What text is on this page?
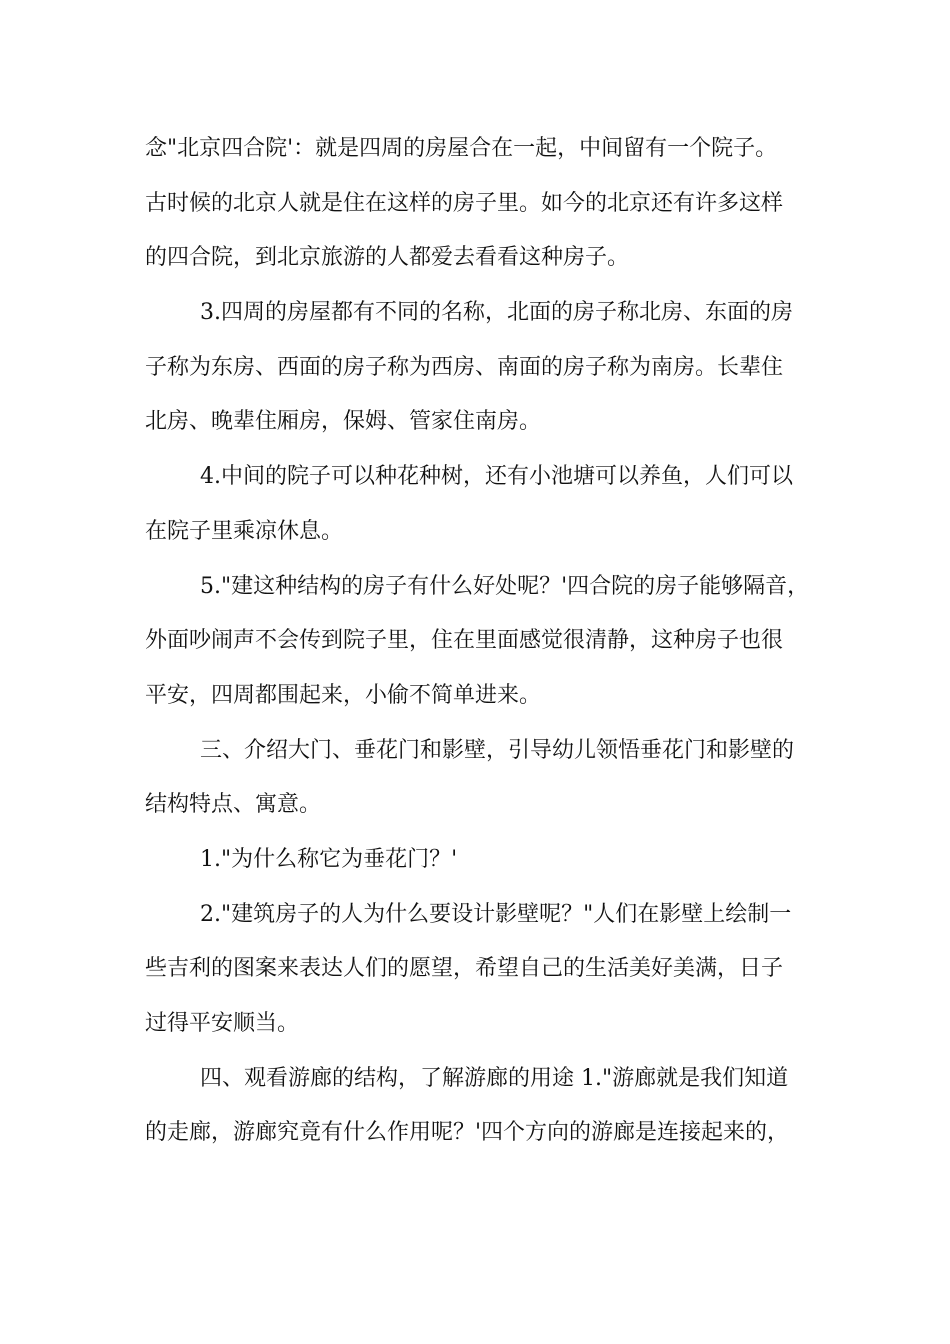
念"北京四合院'：就是四周的房屋合在一起，中间留有一个院子。
古时候的北京人就是住在这样的房子里。如今的北京还有许多这样
的四合院，到北京旅游的人都爱去看看这种房子。
3.四周的房屋都有不同的名称，北面的房子称北房、东面的房
子称为东房、西面的房子称为西房、南面的房子称为南房。长辈住
北房、晚辈住厢房，保姆、管家住南房。
4.中间的院子可以种花种树，还有小池塘可以养鱼，人们可以
在院子里乘凉休息。
5."建这种结构的房子有什么好处呢？'四合院的房子能够隔音，
外面吵闹声不会传到院子里，住在里面感觉很清静，这种房子也很
平安，四周都围起来，小偷不简单进来。
三、介绍大门、垂花门和影壁，引导幼儿领悟垂花门和影壁的
结构特点、寓意。
1."为什么称它为垂花门？'
2."建筑房子的人为什么要设计影壁呢？"人们在影壁上绘制一
些吉利的图案来表达人们的愿望，希望自己的生活美好美满，日子
过得平安顺当。
四、观看游廊的结构，了解游廊的用途 1."游廊就是我们知道
的走廊，游廊究竟有什么作用呢？'四个方向的游廊是连接起来的，
